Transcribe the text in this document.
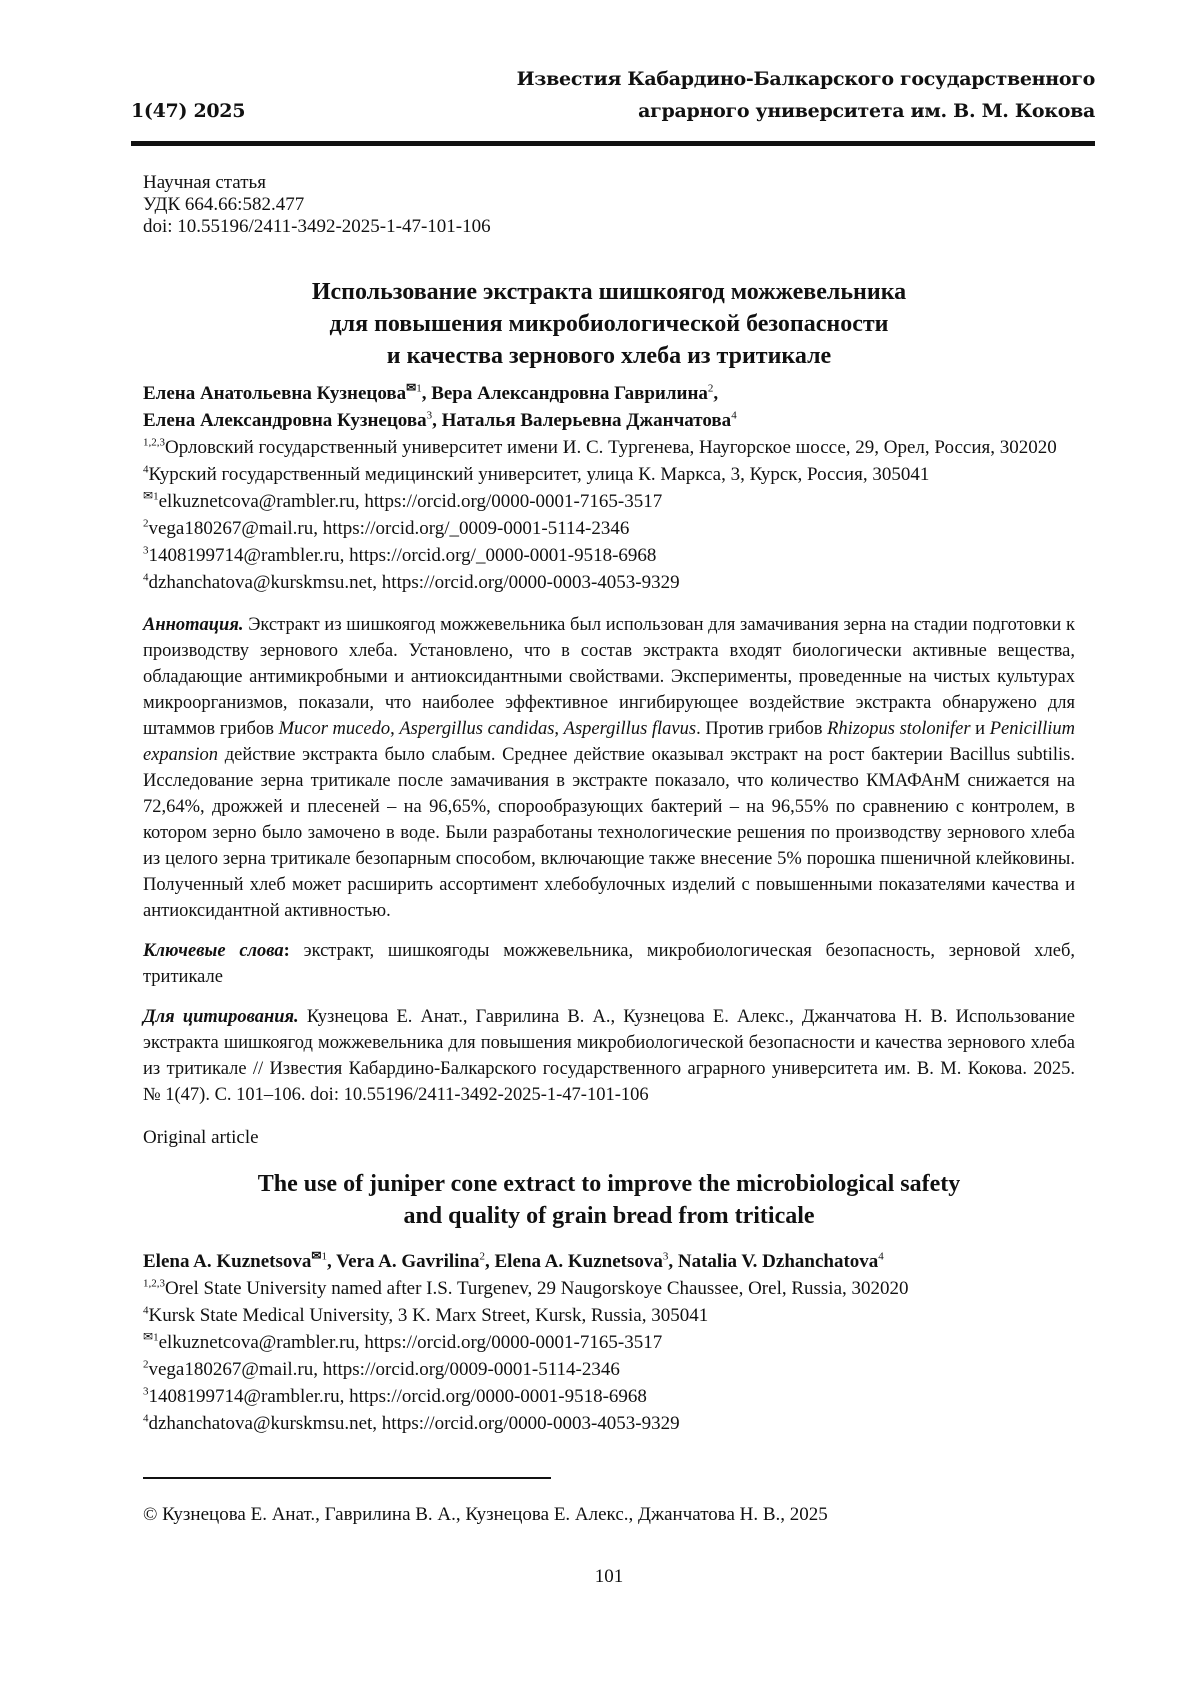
1(47) 2025
Известия Кабардино-Балкарского государственного
аграрного университета им. В. М. Кокова
Научная статья
УДК 664.66:582.477
doi: 10.55196/2411-3492-2025-1-47-101-106
Использование экстракта шишкоягод можжевельника
для повышения микробиологической безопасности
и качества зернового хлеба из тритикале
Елена Анатольевна Кузнецова✉1, Вера Александровна Гаврилина2,
Елена Александровна Кузнецова3, Наталья Валерьевна Джанчатова4
1,2,3Орловский государственный университет имени И. С. Тургенева, Наугорское шоссе, 29, Орел, Россия, 302020
4Курский государственный медицинский университет, улица К. Маркса, 3, Курск, Россия, 305041
✉1elkuznetcova@rambler.ru, https://orcid.org/0000-0001-7165-3517
2vega180267@mail.ru, https://orcid.org/_0009-0001-5114-2346
31408199714@rambler.ru, https://orcid.org/_0000-0001-9518-6968
4dzhanchatova@kurskmsu.net, https://orcid.org/0000-0003-4053-9329
Аннотация. Экстракт из шишкоягод можжевельника был использован для замачивания зерна на стадии подготовки к производству зернового хлеба. Установлено, что в состав экстракта входят биологически активные вещества, обладающие антимикробными и антиоксидантными свойствами. Эксперименты, проведенные на чистых культурах микроорганизмов, показали, что наиболее эффективное ингибирующее воздействие экстракта обнаружено для штаммов грибов Mucor mucedo, Aspergillus candidas, Aspergillus flavus. Против грибов Rhizopus stolonifer и Penicillium expansion действие экстракта было слабым. Среднее действие оказывал экстракт на рост бактерии Bacillus subtilis. Исследование зерна тритикале после замачивания в экстракте показало, что количество КМАФАнМ снижается на 72,64%, дрожжей и плесеней – на 96,65%, спорообразующих бактерий – на 96,55% по сравнению с контролем, в котором зерно было замочено в воде. Были разработаны технологические решения по производству зернового хлеба из целого зерна тритикале безопарным способом, включающие также внесение 5% порошка пшеничной клейковины. Полученный хлеб может расширить ассортимент хлебобулочных изделий с повышенными показателями качества и антиоксидантной активностью.
Ключевые слова: экстракт, шишкоягоды можжевельника, микробиологическая безопасность, зерновой хлеб, тритикале
Для цитирования. Кузнецова Е. Анат., Гаврилина В. А., Кузнецова Е. Алекс., Джанчатова Н. В. Использование экстракта шишкоягод можжевельника для повышения микробиологической безопасности и качества зернового хлеба из тритикале // Известия Кабардино-Балкарского государственного аграрного университета им. В. М. Кокова. 2025. № 1(47). С. 101–106. doi: 10.55196/2411-3492-2025-1-47-101-106
Original article
The use of juniper cone extract to improve the microbiological safety
and quality of grain bread from triticale
Elena A. Kuznetsova✉1, Vera A. Gavrilina2, Elena A. Kuznetsova3, Natalia V. Dzhanchatova4
1,2,3Orel State University named after I.S. Turgenev, 29 Naugorskoye Chaussee, Orel, Russia, 302020
4Kursk State Medical University, 3 K. Marx Street, Kursk, Russia, 305041
✉1elkuznetcova@rambler.ru, https://orcid.org/0000-0001-7165-3517
2vega180267@mail.ru, https://orcid.org/0009-0001-5114-2346
31408199714@rambler.ru, https://orcid.org/0000-0001-9518-6968
4dzhanchatova@kurskmsu.net, https://orcid.org/0000-0003-4053-9329
© Кузнецова Е. Анат., Гаврилина В. А., Кузнецова Е. Алекс., Джанчатова Н. В., 2025
101
